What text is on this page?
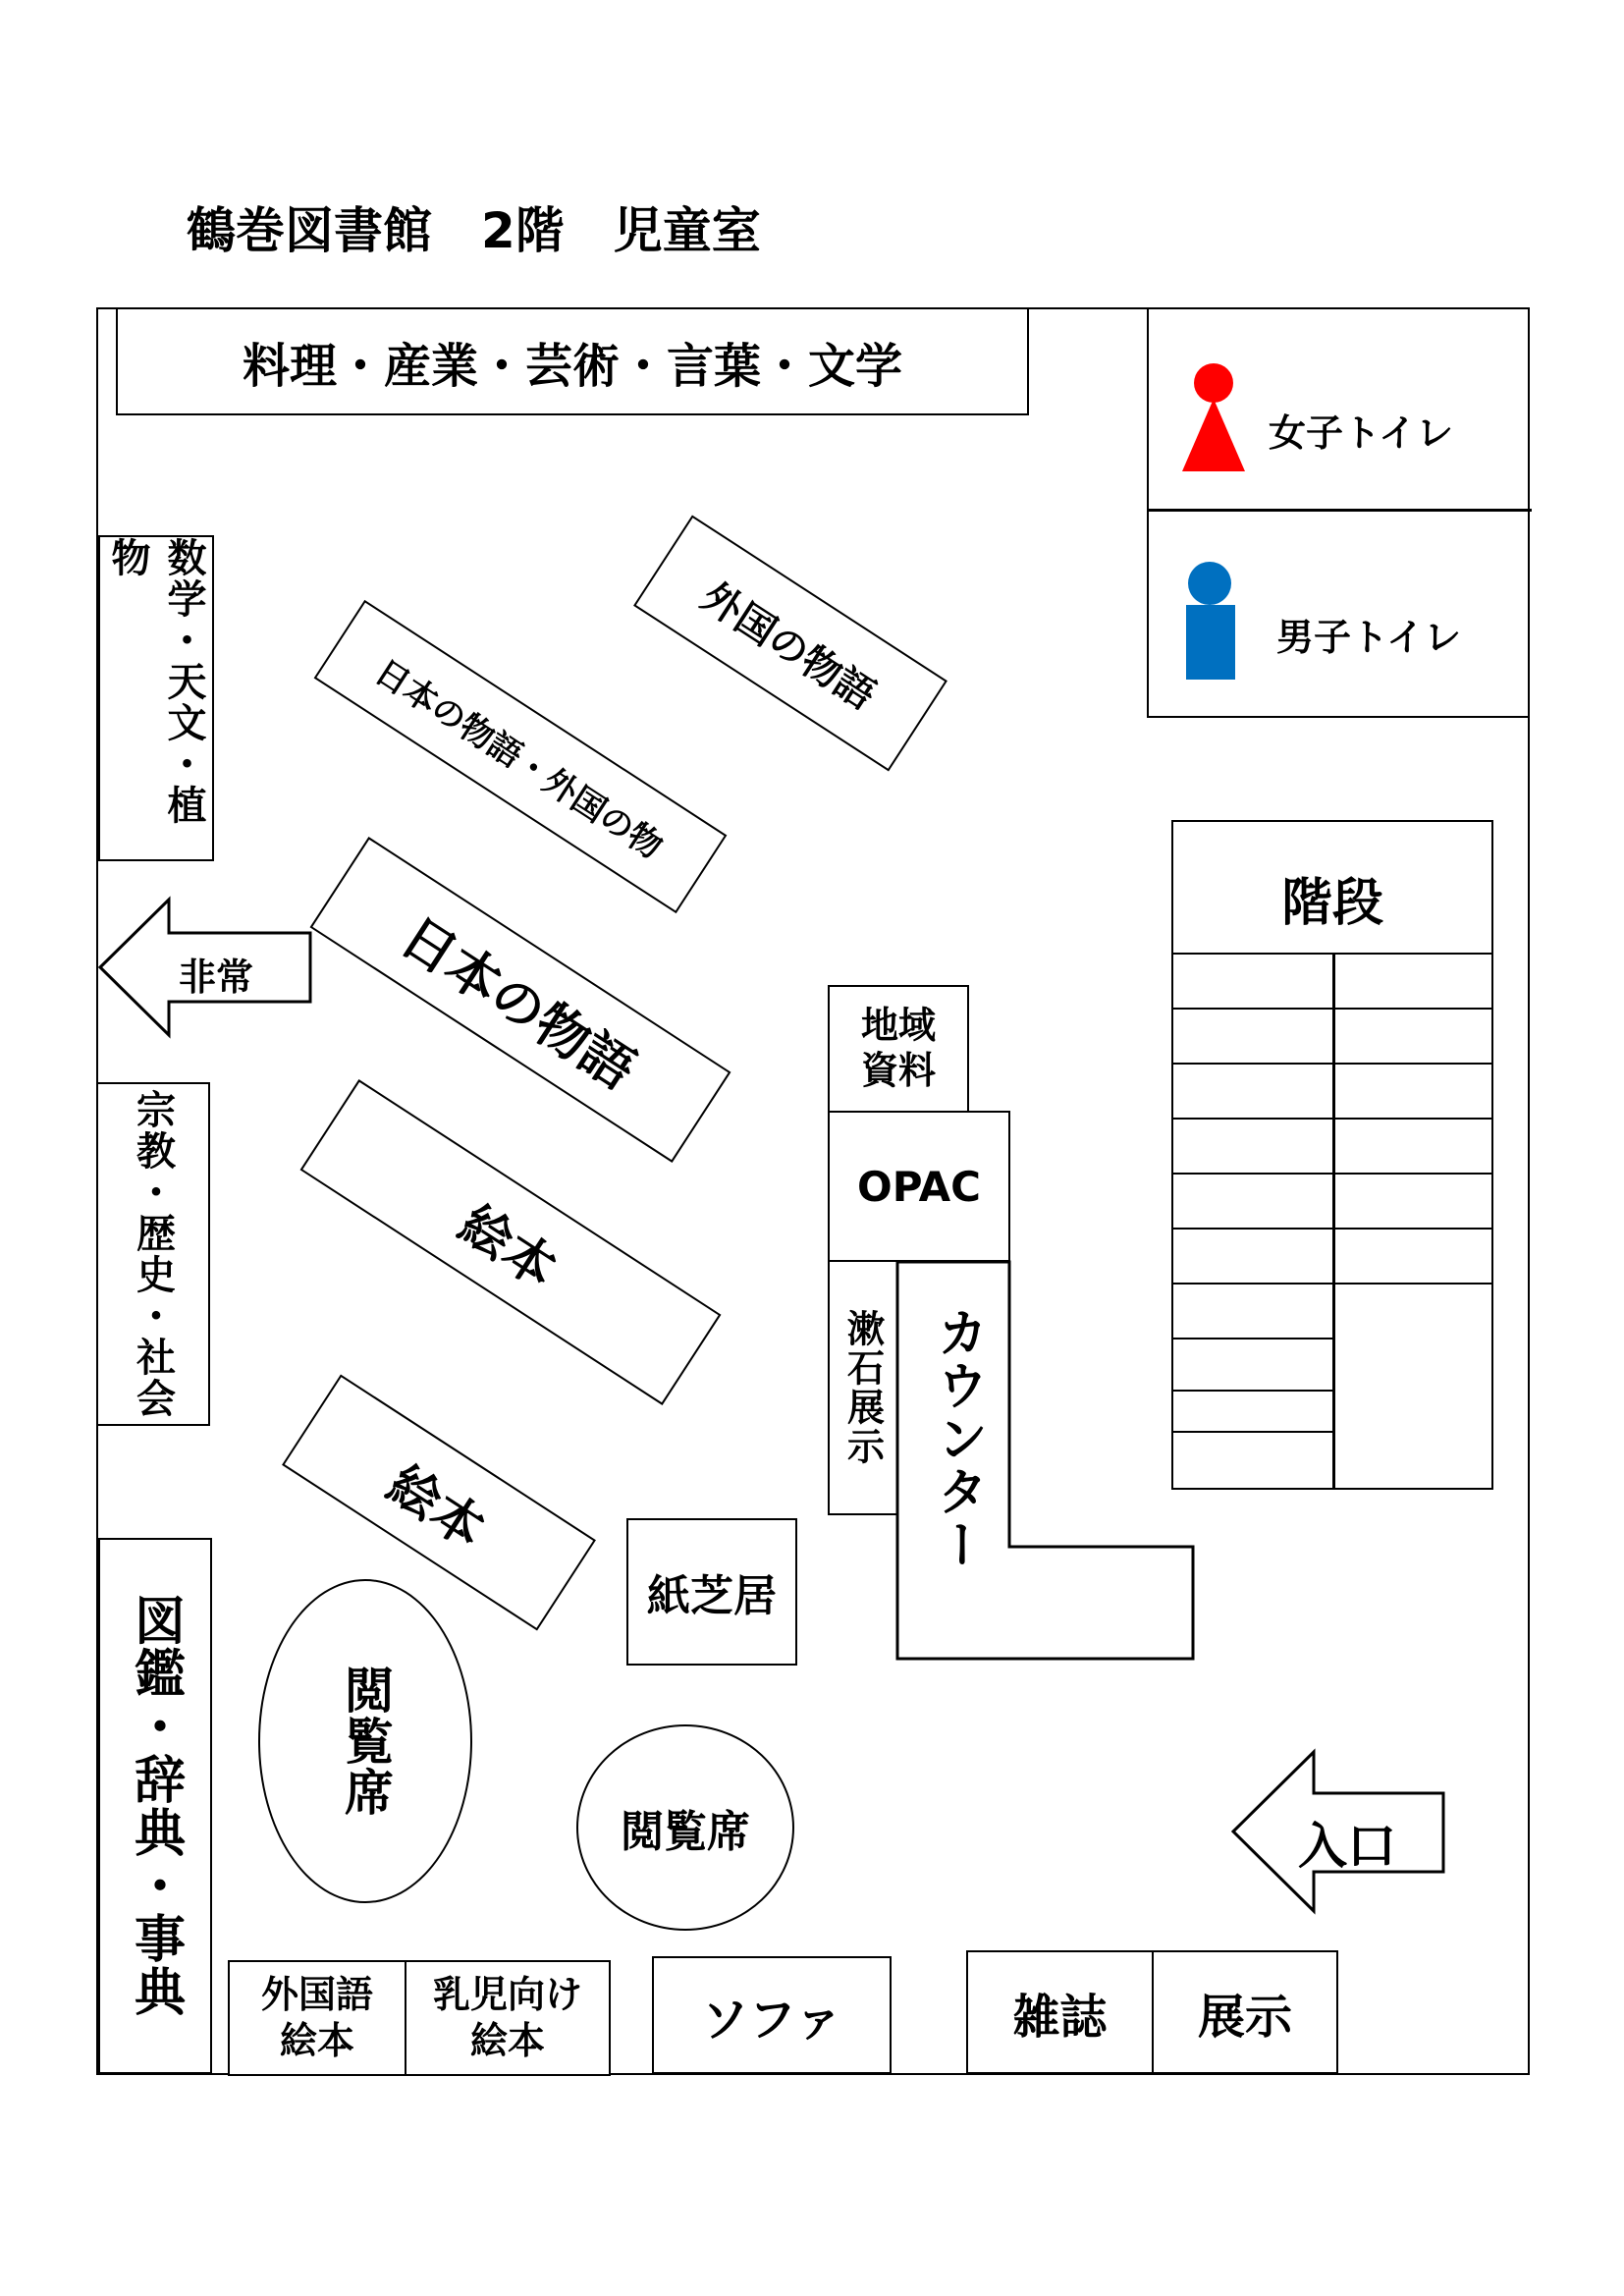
鶴巻図書館　2階　児童室
料理・産業・芸術・言葉・文学
女子トイレ
男子トイレ
数学・天文・植物
宗教・歴史・社会
図鑑・辞典・事典
非常
外国の物語
日本の物語・外国の物
日本の物語
絵本
絵本
階段
地域
資料
OPAC
漱石展示 カウンター
紙芝居
閲覧席
閲覧席	入口
外国語
絵本
乳児向け
絵本	ソファ	雑誌 展示
